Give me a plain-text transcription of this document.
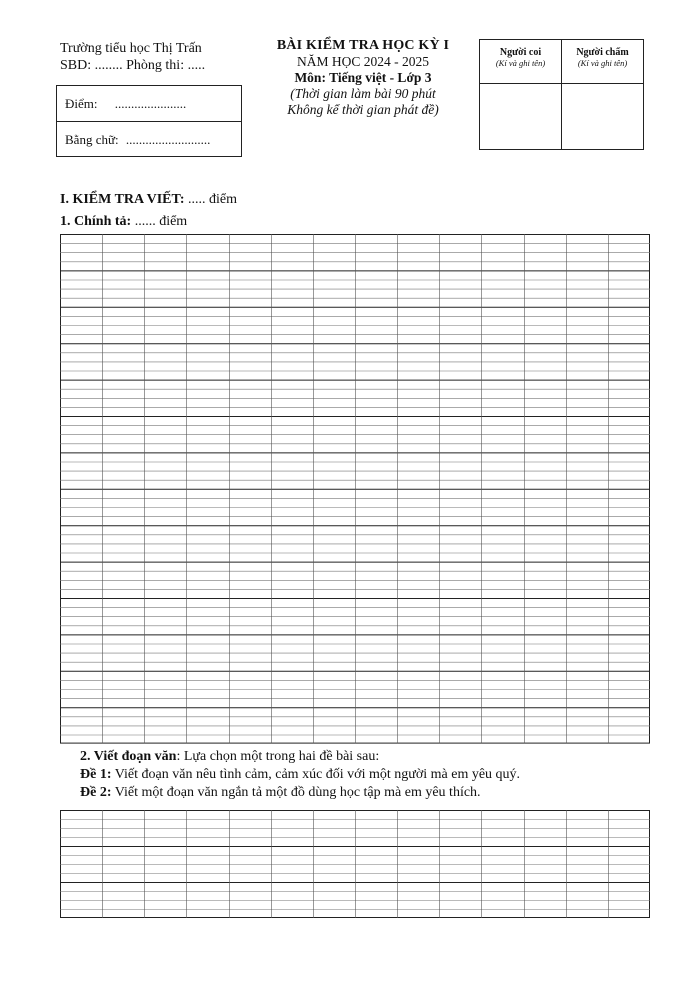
Trường tiểu học Thị Trấn
SBD: ........ Phòng thi: .....
Điểm: ......................
Bằng chữ: ..........................
BÀI KIỂM TRA HỌC KỲ I
NĂM HỌC 2024 - 2025
Môn: Tiếng việt - Lớp 3
(Thời gian làm bài 90 phút
Không kể thời gian phát đề)
Người coi
(Kí và ghi tên)
Người chấm
(Kí và ghi tên)
I. KIỂM TRA VIẾT: ..... điểm
1. Chính tả: ...... điểm
2. Viết đoạn văn: Lựa chọn một trong hai đề bài sau:
Đề 1: Viết đoạn văn nêu tình cảm, cảm xúc đối với một người mà em yêu quý.
Đề 2: Viết một đoạn văn ngắn tả một đồ dùng học tập mà em yêu thích.
